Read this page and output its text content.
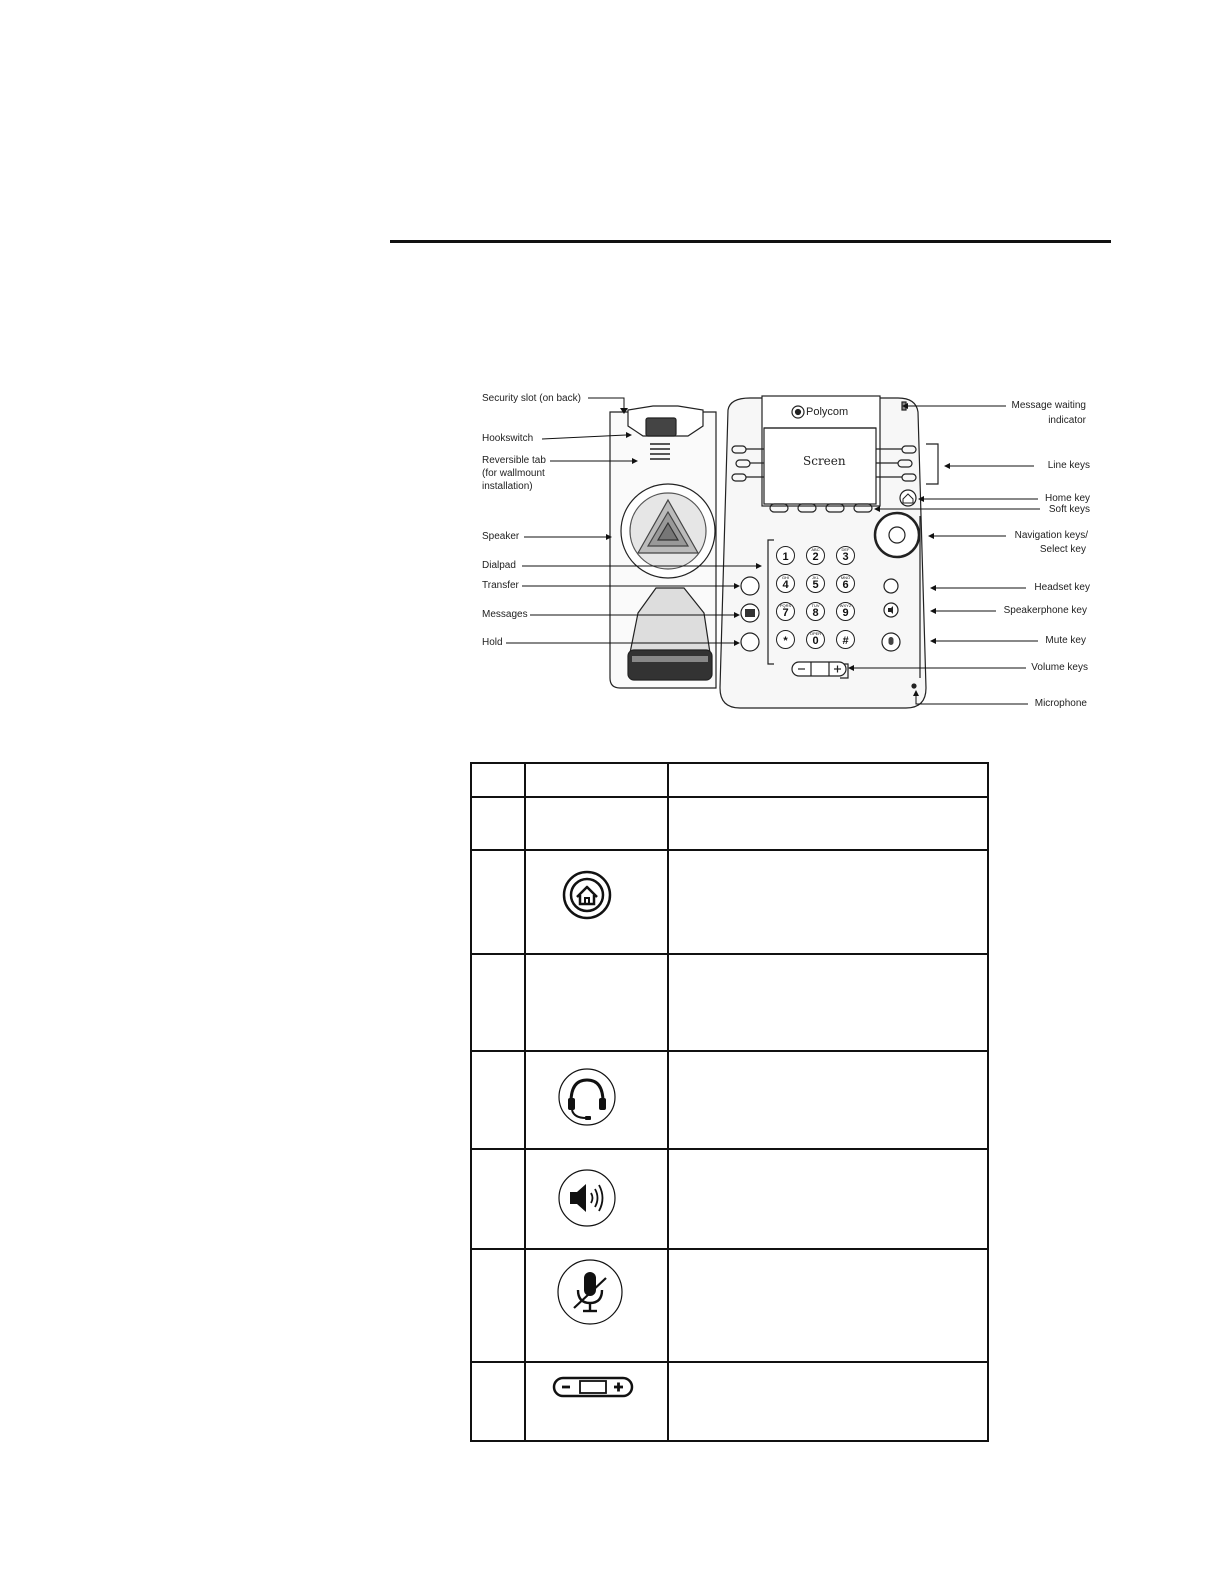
Polycom
Screen
1
ABC
2
DEF
3
GHI
4
JKL
5
MNO
6
PQRS
7
TUV
8
WXYZ
9
*
OPER
0	#
Security slot (on back)
Hookswitch
Reversible tab
(for wallmount
installation)
Speaker
Dialpad
Transfer
Messages
Hold
Message waiting
indicator
Line keys
Home key
Soft keys
Navigation keys/
Select key
Headset key
Speakerphone key
Mute key
Volume keys
Microphone
